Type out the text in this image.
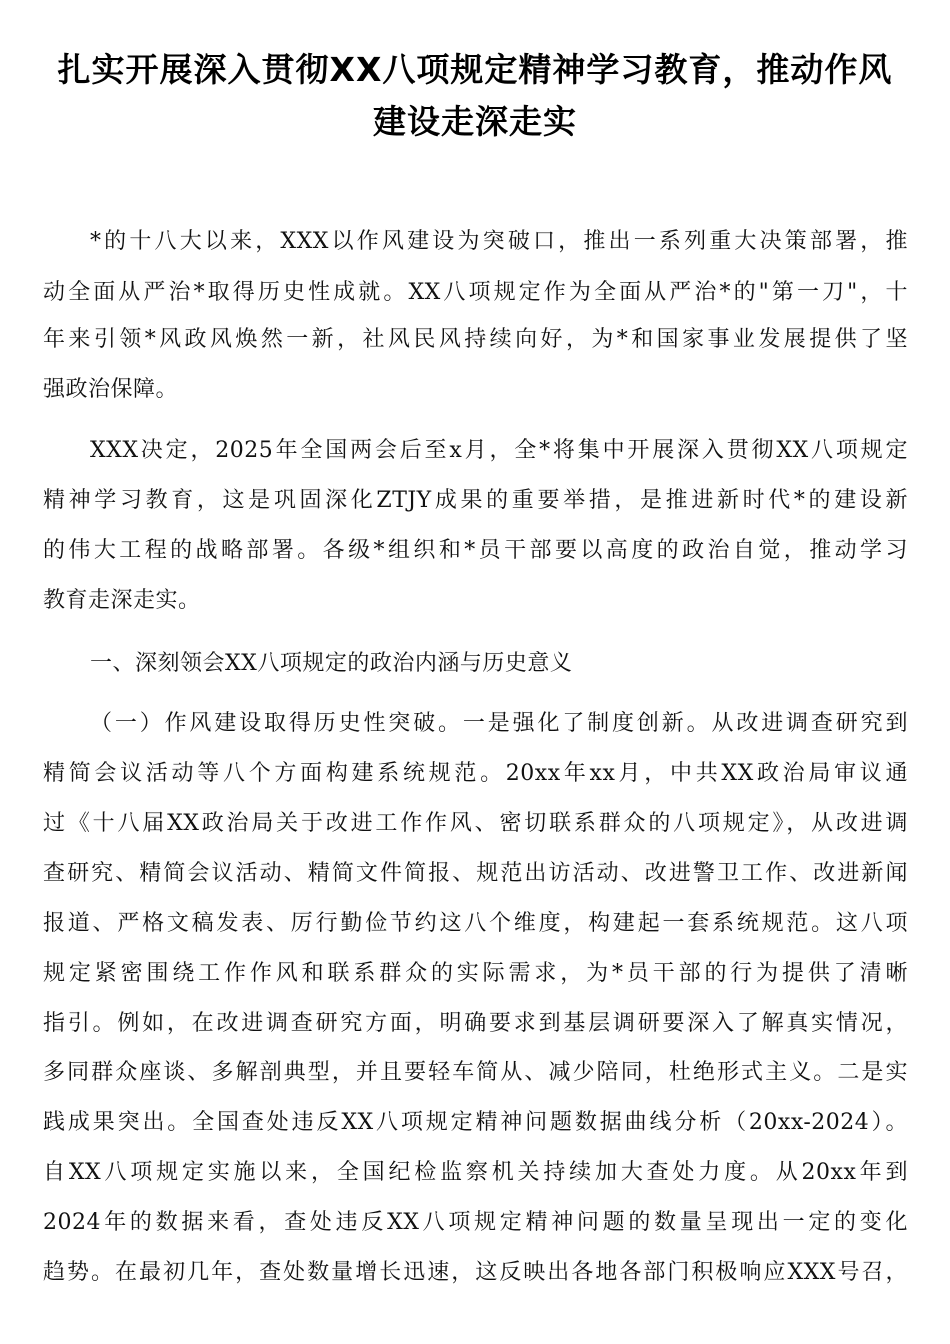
扎实开展深入贯彻XX八项规定精神学习教育，推动作风
建设走深走实
*的十八大以来，XXX以作风建设为突破口，推出一系列重大决策部署，推
动全面从严治*取得历史性成就。XX八项规定作为全面从严治*的"第一刀"，十
年来引领*风政风焕然一新，社风民风持续向好，为*和国家事业发展提供了坚
强政治保障。
XXX决定，2025年全国两会后至x月，全*将集中开展深入贯彻XX八项规定
精神学习教育，这是巩固深化ZTJY成果的重要举措，是推进新时代*的建设新
的伟大工程的战略部署。各级*组织和*员干部要以高度的政治自觉，推动学习
教育走深走实。
一、深刻领会XX八项规定的政治内涵与历史意义
（一）作风建设取得历史性突破。一是强化了制度创新。从改进调查研究到
精简会议活动等八个方面构建系统规范。20xx年xx月，中共XX政治局审议通
过《十八届XX政治局关于改进工作作风、密切联系群众的八项规定》，从改进调
查研究、精简会议活动、精简文件简报、规范出访活动、改进警卫工作、改进新闻
报道、严格文稿发表、厉行勤俭节约这八个维度，构建起一套系统规范。这八项
规定紧密围绕工作作风和联系群众的实际需求，为*员干部的行为提供了清晰
指引。例如，在改进调查研究方面，明确要求到基层调研要深入了解真实情况，
多同群众座谈、多解剖典型，并且要轻车简从、减少陪同，杜绝形式主义。二是实
践成果突出。全国查处违反XX八项规定精神问题数据曲线分析（20xx-2024）。
自XX八项规定实施以来，全国纪检监察机关持续加大查处力度。从20xx年到
2024年的数据来看，查处违反XX八项规定精神问题的数量呈现出一定的变化
趋势。在最初几年，查处数量增长迅速，这反映出各地各部门积极响应XXX号召，
